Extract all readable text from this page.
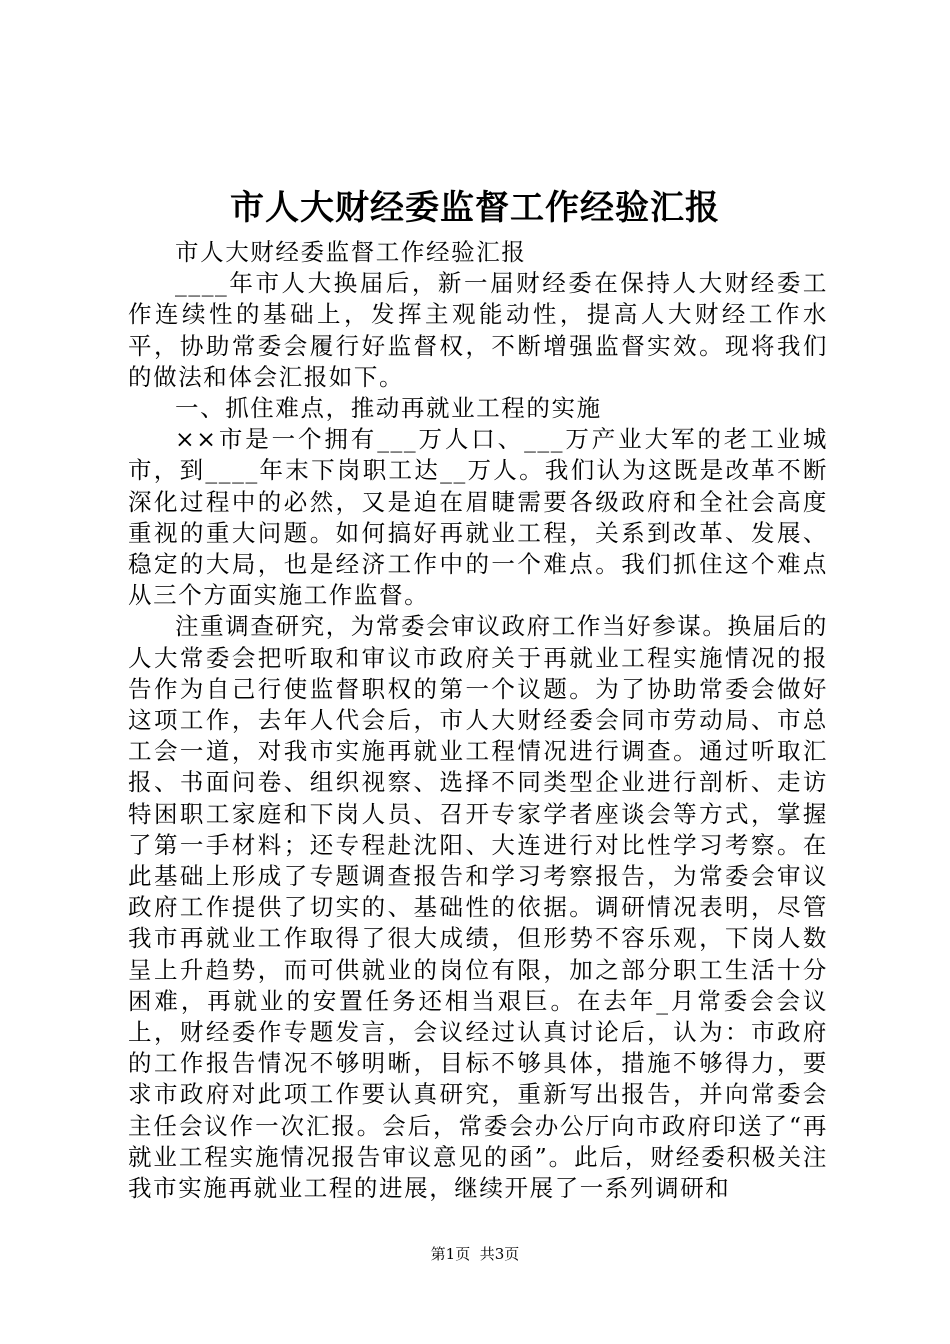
市人大财经委监督工作经验汇报

市人大财经委监督工作经验汇报

____年市人大换届后，新一届财经委在保持人大财经委工作连续性的基础上，发挥主观能动性，提高人大财经工作水平，协助常委会履行好监督权，不断增强监督实效。现将我们的做法和体会汇报如下。

一、抓住难点，推动再就业工程的实施

××市是一个拥有___万人口、___万产业大军的老工业城市，到____年末下岗职工达__万人。我们认为这既是改革不断深化过程中的必然，又是迫在眉睫需要各级政府和全社会高度重视的重大问题。如何搞好再就业工程，关系到改革、发展、稳定的大局，也是经济工作中的一个难点。我们抓住这个难点从三个方面实施工作监督。

注重调查研究，为常委会审议政府工作当好参谋。换届后的人大常委会把听取和审议市政府关于再就业工程实施情况的报告作为自己行使监督职权的第一个议题。为了协助常委会做好这项工作，去年人代会后，市人大财经委会同市劳动局、市总工会一道，对我市实施再就业工程情况进行调查。通过听取汇报、书面问卷、组织视察、选择不同类型企业进行剖析、走访特困职工家庭和下岗人员、召开专家学者座谈会等方式，掌握了第一手材料；还专程赴沈阳、大连进行对比性学习考察。在此基础上形成了专题调查报告和学习考察报告，为常委会审议政府工作提供了切实的、基础性的依据。调研情况表明，尽管我市再就业工作取得了很大成绩，但形势不容乐观，下岗人数呈上升趋势，而可供就业的岗位有限，加之部分职工生活十分困难，再就业的安置任务还相当艰巨。在去年_月常委会会议上，财经委作专题发言，会议经过认真讨论后，认为：市政府的工作报告情况不够明晰，目标不够具体，措施不够得力，要求市政府对此项工作要认真研究，重新写出报告，并向常委会主任会议作一次汇报。会后，常委会办公厅向市政府印送了“再就业工程实施情况报告审议意见的函”。此后，财经委积极关注我市实施再就业工程的进展，继续开展了一系列调研和

第1页 共3页
